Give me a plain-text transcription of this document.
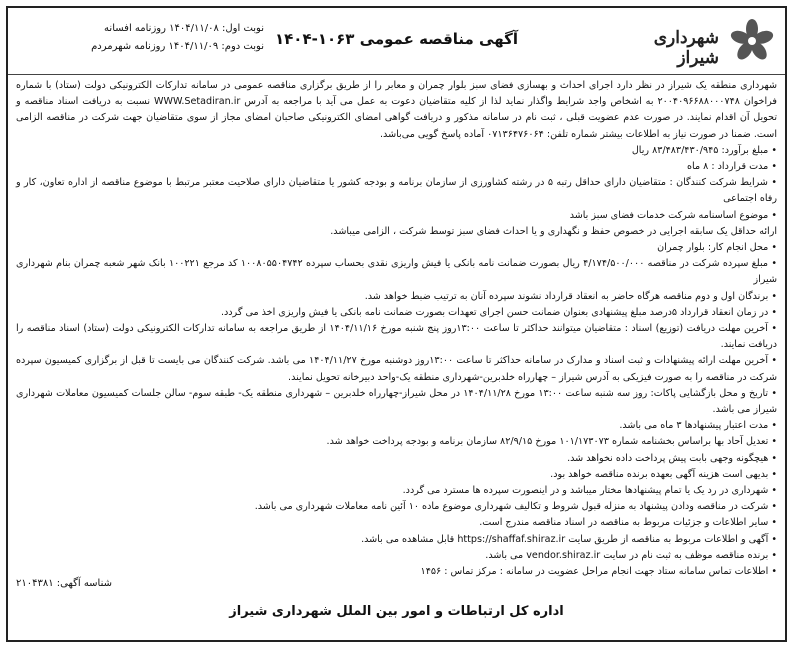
شهرداری شیراز
آگهی مناقصه عمومی ۱۰۶۳-۱۴۰۴
نوبت اول: ۱۴۰۴/۱۱/۰۸ روزنامه افسانه
نوبت دوم: ۱۴۰۴/۱۱/۰۹ روزنامه شهرمردم

شهرداری منطقه یک شیراز در نظر دارد اجرای احداث و بهسازی فضای سبز بلوار چمران و معابر را از طریق برگزاری مناقصه عمومی در سامانه تدارکات الکترونیکی دولت (ستاد) با شماره فراخوان ۲۰۰۴۰۹۶۶۸۸۰۰۰۷۴۸ به اشخاص واجد شرایط واگذار نماید لذا از کلیه متقاضیان دعوت به عمل می آید با مراجعه به آدرس WWW.Setadiran.ir نسبت به دریافت اسناد مناقصه و تحویل آن اقدام نمایند. در صورت عدم عضویت قبلی ، ثبت نام در سامانه مذکور و دریافت گواهی امضای الکترونیکی صاحبان امضای مجاز از سوی متقاضیان جهت شرکت در مناقصه الزامی است. ضمنا در صورت نیاز به اطلاعات بیشتر شماره تلفن: ۰۷۱۳۶۴۷۶۰۶۴ آماده پاسخ گویی می‌باشد.

• مبلغ برآورد: ۸۳/۴۸۳/۴۳۰/۹۴۵ ریال

• مدت قرارداد : ۸ ماه

• شرایط شرکت کنندگان : متقاضیان دارای حداقل رتبه ۵ در رشته کشاورزی از سازمان برنامه و بودجه کشور یا متقاضیان دارای صلاحیت معتبر مرتبط با موضوع مناقصه از اداره تعاون، کار و رفاه اجتماعی

• موضوع اساسنامه شرکت خدمات فضای سبز باشد

ارائه حداقل یک سابقه اجرایی در خصوص حفظ و نگهداری و یا احداث فضای سبز توسط شرکت ، الزامی میباشد.

• محل انجام کار: بلوار چمران

• مبلغ سپرده شرکت در مناقصه ۴/۱۷۴/۵۰۰/۰۰۰ ریال بصورت ضمانت نامه بانکی یا فیش واریزی نقدی بحساب سپرده ۱۰۰۸۰۵۵۰۴۷۴۲ کد مرجع ۱۰۰۲۲۱ بانک شهر شعبه چمران بنام شهرداری شیراز

• برندگان اول و دوم مناقصه هرگاه حاضر به انعقاد قرارداد نشوند سپرده آنان به ترتیب ضبط خواهد شد.

• در زمان انعقاد قرارداد ۵درصد مبلغ پیشنهادی بعنوان ضمانت حسن اجرای تعهدات بصورت ضمانت نامه بانکی یا فیش واریزی اخذ می گردد.

• آخرین مهلت دریافت (توزیع) اسناد : متقاضیان میتوانند حداکثر تا ساعت ۱۳:۰۰روز پنج شنبه مورخ ۱۴۰۴/۱۱/۱۶ از طریق مراجعه به سامانه تدارکات الکترونیکی دولت (ستاد) اسناد مناقصه را دریافت نمایند.

• آخرین مهلت ارائه پیشنهادات و ثبت اسناد و مدارک در سامانه حداکثر تا ساعت ۱۳:۰۰روز دوشنبه مورخ ۱۴۰۴/۱۱/۲۷ می باشد. شرکت کنندگان می بایست تا قبل از برگزاری کمیسیون سپرده شرکت در مناقصه را به صورت فیزیکی به آدرس شیراز – چهارراه خلدبرین-شهرداری منطقه یک-واحد دبیرخانه تحویل نمایند.

• تاریخ و محل بازگشایی پاکات: روز سه شنبه ساعت ۱۳:۰۰ مورخ ۱۴۰۴/۱۱/۲۸ در محل شیراز-چهارراه خلدبرین – شهرداری منطقه یک- طبقه سوم- سالن جلسات کمیسیون معاملات شهرداری شیراز می باشد.

• مدت اعتبار پیشنهادها ۳ ماه می باشد.

• تعدیل آحاد بها براساس بخشنامه شماره ۱۰۱/۱۷۳۰۷۳ مورخ ۸۲/۹/۱۵ سازمان برنامه و بودجه پرداخت خواهد شد.

• هیچگونه وجهی بابت پیش پرداخت داده نخواهد شد.

• بدیهی است هزینه آگهی بعهده برنده مناقصه خواهد بود.

• شهرداری در رد یک یا تمام پیشنهادها مختار میباشد و در اینصورت سپرده ها مسترد می گردد.

• شرکت در مناقصه ودادن پیشنهاد به منزله قبول شروط و تکالیف شهرداری موضوع ماده ۱۰ آئین نامه معاملات شهرداری می باشد.

• سایر اطلاعات و جزئیات مربوط به مناقصه در اسناد مناقصه مندرج است.

• آگهی و اطلاعات مربوط به مناقصه از طریق سایت https://shaffaf.shiraz.ir قابل مشاهده می باشد.

• برنده مناقصه موظف به ثبت نام در سایت vendor.shiraz.ir می باشد.

• اطلاعات تماس سامانه ستاد جهت انجام مراحل عضویت در سامانه : مرکز تماس : ۱۴۵۶

شناسه آگهی: ۲۱۰۴۳۸۱
اداره کل ارتباطات و امور بین الملل شهرداری شیراز
